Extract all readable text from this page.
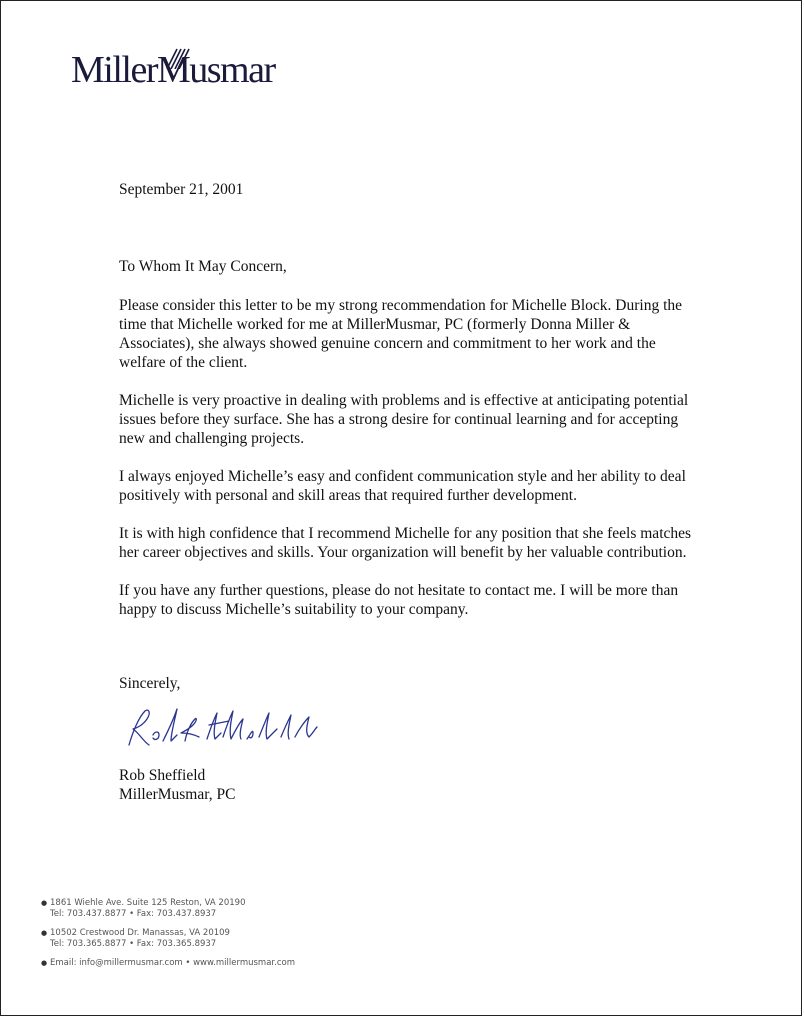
MillerMusmar
September 21, 2001
To Whom It May Concern,

Please consider this letter to be my strong recommendation for Michelle Block. During the time that Michelle worked for me at MillerMusmar, PC (formerly Donna Miller & Associates), she always showed genuine concern and commitment to her work and the welfare of the client.

Michelle is very proactive in dealing with problems and is effective at anticipating potential issues before they surface. She has a strong desire for continual learning and for accepting new and challenging projects.

I always enjoyed Michelle’s easy and confident communication style and her ability to deal positively with personal and skill areas that required further development.

It is with high confidence that I recommend Michelle for any position that she feels matches her career objectives and skills. Your organization will benefit by her valuable contribution.

If you have any further questions, please do not hesitate to contact me. I will be more than happy to discuss Michelle’s suitability to your company.

Sincerely,
Rob Sheffield
MillerMusmar, PC
● 1861 Wiehle Ave. Suite 125 Reston, VA 20190
Tel: 703.437.8877 • Fax: 703.437.8937
● 10502 Crestwood Dr. Manassas, VA 20109
Tel: 703.365.8877 • Fax: 703.365.8937
● Email: info@millermusmar.com • www.millermusmar.com
